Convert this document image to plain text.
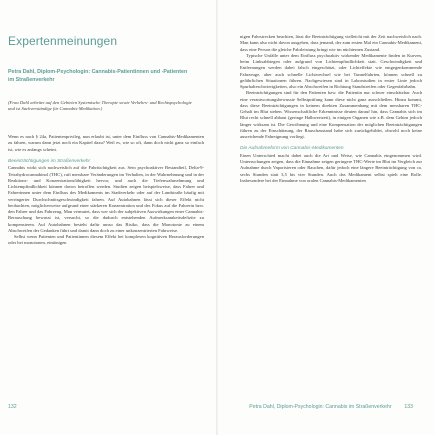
Expertenmeinungen
Petra Dahl, Diplom-Psychologin: Cannabis-Patientinnen und -Patienten im Straßenverkehr
(Frau Dahl arbeitet auf den Gebieten Systemische Therapie sowie Verkehrs- und Rechtspsychologie und ist Sachverständige für Cannabis-Medikation.)

Wenn es nach § 24a, Patientenprivileg, nun erlaubt ist, unter dem Einfluss von Cannabis-Medikamenten zu fahren, warum dann jetzt noch ein Kapitel dazu? Weil es, wie so oft, dann doch nicht ganz so einfach ist, wie es anfangs scheint.

Beeinträchtigungen im Straßenverkehr

Cannabis wirkt sich nachweislich auf die Fahrtüchtigkeit aus. Sein psychoaktiver Bestandteil, Delta-9-Tetrahydrocannabinol (THC), ruft messbare Veränderungen im Verhalten, in der Wahrnehmung und in der Reaktions- und Konzentrationsfähigkeit hervor, und auch die Tiefenwahrnehmung und Lichtempfindlichkeit können davon betroffen werden. Studien zeigen beispielsweise, dass Fahrer und Fahrerinnen unter dem Einfluss des Medikaments im Stadtverkehr oder auf der Landstraße häufig mit verringerter Durchschnittsgeschwindigkeit fahren. Auf Autobahnen lässt sich dieser Effekt nicht beobachten, möglicherweise aufgrund einer stärkeren Konzentration und des Fokus auf die Fahrerin bzw. den Fahrer und das Fahrzeug. Man vermutet, dass wer sich der subjektiven Auswirkungen einer Cannabis-Berauschung bewusst ist, versucht, so die dadurch entstehenden Aufmerksamkeitsdefizite zu kompensieren. Auf Autobahnen besteht dafür umso das Risiko, dass die Monotonie zu einem Abschweifen der Gedanken führt und damit dann doch zu einer unkonzentrierten Fahrweise.

Selbst wenn Patienten und Patientinnen diesem Effekt bei komplexen kognitiven Herausforderungen oder bei monotonen, eintönigen

132

nigen Fahrstrecken beachten, lässt die Beeinträchtigung vielleicht mit der Zeit nachweislich nach. Man kann also nicht davon ausgehen, dass jemand, der zum ersten Mal ein Cannabis-Medikament, dass eine Person die gleiche Fahrleistung bringt wie im nüchternen Zustand.

Typische Unfälle unter dem Einfluss psychoaktiv wirkender Medikamente finden in Kurven, beim Linksabbiegen oder aufgrund von Lichtempfindlichkeit statt. Geschwindigkeit und Entfernungen werden dabei falsch eingeschätzt, oder Lichteffekte wie entgegenkommende Fahrzeuge, aber auch schnelle Lichtwechsel wie bei Tunnelfahrten, können schnell zu gefährlichen Situationen führen. Nachgewiesen sind in Laborstudien in erster Linie jedoch Spurhalteschwierigkeiten, also ein Abschweifen in Richtung Standstreifen oder Gegenfahrbahn.

Beeinträchtigungen sind für den Patienten bzw. die Patientin nur schwer einschätzbar. Auch eine verantwortungsbewusste Selbstprüfung kann diese nicht ganz ausschließen. Hinzu kommt, dass diese Beeinträchtigungen in keinem direkten Zusammenhang mit dem messbaren THC-Gehalt im Blut stehen. Wissenschaftliche Erkenntnisse deuten darauf hin, dass Cannabis sich im Blut recht schnell abbaut (geringe Halbwertzeit), in einigen Organen wie z.B. dem Gehirn jedoch länger wirksam ist. Die Gewöhnung und eine Kompensation der möglichen Beeinträchtigungen führen zu der Einschätzung, der Rauschzustand habe sich zurückgebildet, obwohl noch keine ausreichende Fahreignung vorliegt.

Die Aufnahmeform von Cannabis-Medikamenten

Einen Unterschied macht dabei auch die Art und Weise, wie Cannabis eingenommen wird. Untersuchungen zeigen, dass die Einnahme zeigen geringere THC-Werte im Blut im Vergleich zur Aufnahme durch Vaporisieren oder Rauchen, dafür jedoch eine längere Beeinträchtigung von ca. sechs Stunden statt 3,5 bis vier Stunden. Auch das Medikament selbst spielt eine Rolle. Insbesondere bei der Einnahme von oralen Cannabis-Medikamenten

Petra Dahl, Diplom-Psychologin: Cannabis im Straßenverkehr 133
